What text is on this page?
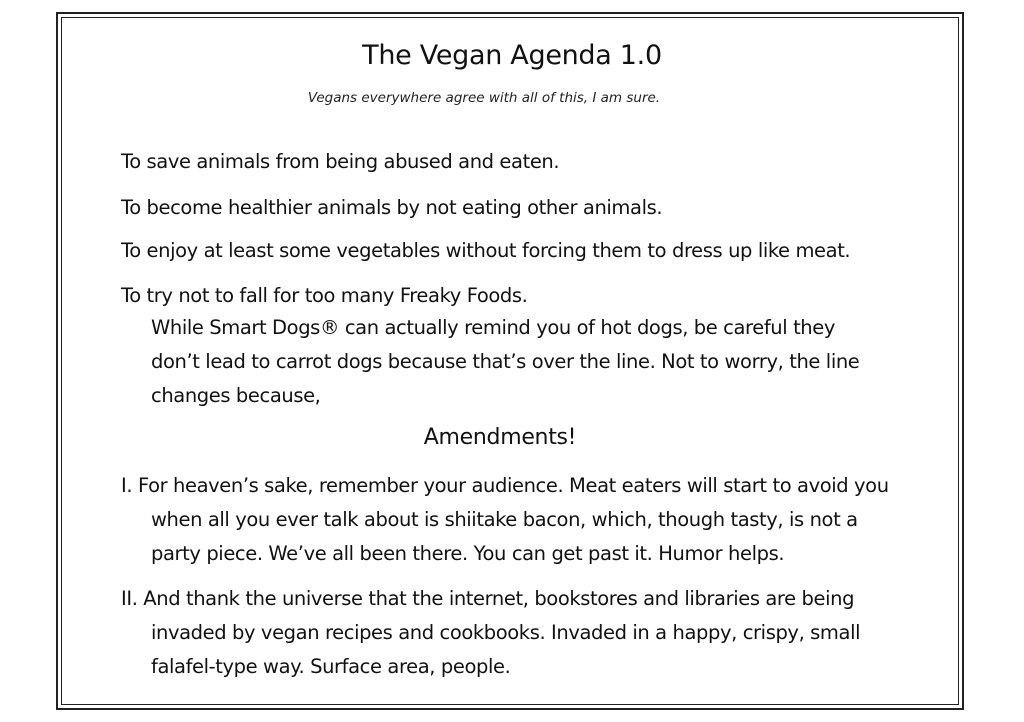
The Vegan Agenda 1.0
Vegans everywhere agree with all of this, I am sure.
To save animals from being abused and eaten.
To become healthier animals by not eating other animals.
To enjoy at least some vegetables without forcing them to dress up like meat.
To try not to fall for too many Freaky Foods.
While Smart Dogs® can actually remind you of hot dogs, be careful they
don’t lead to carrot dogs because that’s over the line. Not to worry, the line
changes because,
Amendments!
I. For heaven’s sake, remember your audience. Meat eaters will start to avoid you
when all you ever talk about is shiitake bacon, which, though tasty, is not a
party piece. We’ve all been there. You can get past it. Humor helps.
II. And thank the universe that the internet, bookstores and libraries are being
invaded by vegan recipes and cookbooks. Invaded in a happy, crispy, small
falafel-type way. Surface area, people.
